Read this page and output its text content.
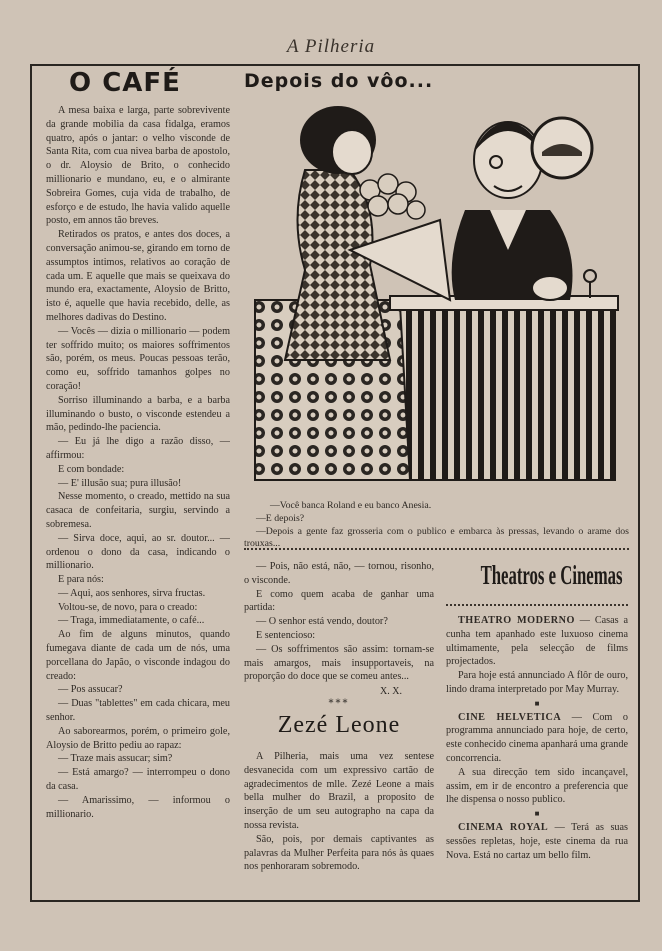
A Pilheria
O CAFÉ

A mesa baixa e larga, parte sobrevivente da grande mobilia da casa fidalga, eramos quatro, após o jantar: o velho visconde de Santa Rita, com cua nivea barba de apostolo, o dr. Aloysio de Brito, o conhecido millionario e mundano, eu, e o almirante Sobreira Gomes, cuja vida de trabalho, de esforço e de estudo, lhe havia valido aquelle posto, em annos tão breves.

Retirados os pratos, e antes dos doces, a conversação animou-se, girando em torno de assumptos intimos, relativos ao coração de cada um. E aquelle que mais se queixava do mundo era, exactamente, Aloysio de Britto, isto é, aquelle que havia recebido, delle, as melhores dadivas do Destino.

— Vocês — dizia o millionario — podem ter soffrido muito; os maiores soffrimentos são, porém, os meus. Poucas pessoas terão, como eu, soffrido tamanhos golpes no coração!

Sorriso illuminando a barba, e a barba illuminando o busto, o visconde estendeu a mão, pedindo-lhe paciencia.

— Eu já lhe digo a razão disso, — affirmou:

E com bondade:

— E' illusão sua; pura illusão!

Nesse momento, o creado, mettido na sua casaca de confeitaria, surgiu, servindo a sobremesa.

— Sirva doce, aqui, ao sr. doutor... — ordenou o dono da casa, indicando o millionario.

E para nós:

— Aqui, aos senhores, sirva fructas.

Voltou-se, de novo, para o creado:

— Traga, immediatamente, o café...

Ao fim de alguns minutos, quando fumegava diante de cada um de nós, uma porcellana do Japão, o visconde indagou do creado:

— Pos assucar?

— Duas "tablettes" em cada chicara, meu senhor.

Ao saborearmos, porém, o primeiro gole, Aloysio de Britto pediu ao rapaz:

— Traze mais assucar; sim?

— Está amargo? — interrompeu o dono da casa.

— Amarissimo, — informou o millionario.

Depois do vôo...
—Você banca Roland e eu banco Anesia.
—E depois?
—Depois a gente faz grosseria com o publico e embarca às pressas, levando o arame dos trouxas...

— Pois, não está, não, — tornou, risonho, o visconde.

E como quem acaba de ganhar uma partida:

— O senhor está vendo, doutor?

E sentencioso:

— Os soffrimentos são assim: tornam-se mais amargos, mais insupportaveis, na proporção do doce que se comeu antes...

X. X.
***
Zezé Leone

A Pilheria, mais uma vez sentese desvanecida com um expressivo cartão de agradecimentos de mlle. Zezé Leone a mais bella mulher do Brazil, a proposito de inserção de um seu autographo na capa da nossa revista.

São, pois, por demais captivantes as palavras da Mulher Perfeita para nós às quaes nos penhoraram sobremodo.

Theatros e Cinemas

THEATRO MODERNO — Casas a cunha tem apanhado este luxuoso cinema ultimamente, pela selecção de films projectados.

Para hoje está annunciado A flôr de ouro, lindo drama interpretado por May Murray.

■

CINE HELVETICA — Com o programma annunciado para hoje, de certo, este conhecido cinema apanhará uma grande concorrencia.

A sua direcção tem sido incançavel, assim, em ir de encontro a preferencia que lhe dispensa o nosso publico.

■

CINEMA ROYAL — Terá as suas sessões repletas, hoje, este cinema da rua Nova. Está no cartaz um bello film.
